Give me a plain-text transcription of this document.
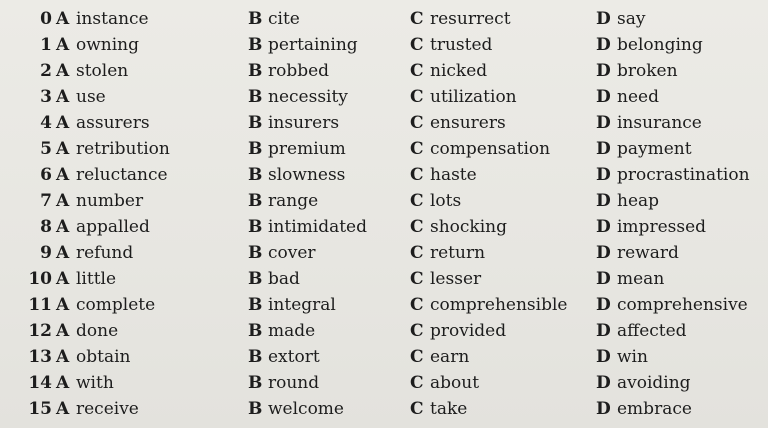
0 A instance	B cite	C resurrect	D say
1 A owning	B pertaining	C trusted	D belonging
2 A stolen	B robbed	C nicked	D broken
3 A use	B necessity	C utilization	D need
4 A assurers	B insurers	C ensurers	D insurance
5 A retribution	B premium	C compensation	D payment
6 A reluctance	B slowness	C haste	D procrastination
7 A number	B range	C lots	D heap
8 A appalled	B intimidated	C shocking	D impressed
9 A refund	B cover	C return	D reward
10 A little	B bad	C lesser	D mean
11 A complete	B integral	C comprehensible D comprehensive
12 A done	B made	C provided	D affected
13 A obtain	B extort	C earn	D win
14 A with	B round	C about	D avoiding
15 A receive	B welcome	C take	D embrace
